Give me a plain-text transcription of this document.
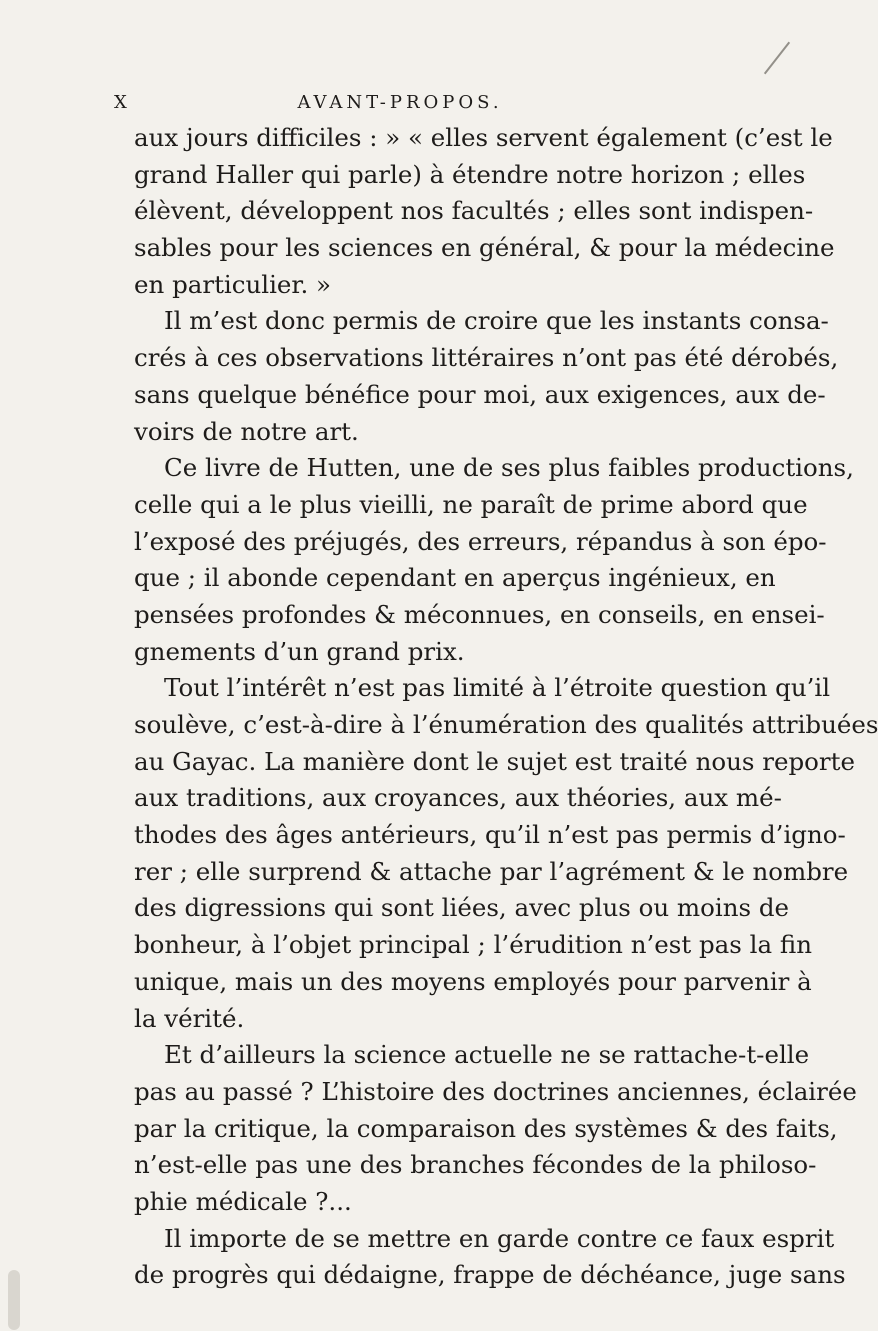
X	AVANT-PROPOS.
aux jours difficiles : » « elles servent également (c’est le
grand Haller qui parle) à étendre notre horizon ; elles
élèvent, développent nos facultés ; elles sont indispen-
sables pour les sciences en général, & pour la médecine
en particulier. »
Il m’est donc permis de croire que les instants consa-
crés à ces observations littéraires n’ont pas été dérobés,
sans quelque bénéfice pour moi, aux exigences, aux de-
voirs de notre art.
Ce livre de Hutten, une de ses plus faibles productions,
celle qui a le plus vieilli, ne paraît de prime abord que
l’exposé des préjugés, des erreurs, répandus à son épo-
que ; il abonde cependant en aperçus ingénieux, en
pensées profondes & méconnues, en conseils, en ensei-
gnements d’un grand prix.
Tout l’intérêt n’est pas limité à l’étroite question qu’il
soulève, c’est-à-dire à l’énumération des qualités attribuées
au Gayac. La manière dont le sujet est traité nous reporte
aux traditions, aux croyances, aux théories, aux mé-
thodes des âges antérieurs, qu’il n’est pas permis d’igno-
rer ; elle surprend & attache par l’agrément & le nombre
des digressions qui sont liées, avec plus ou moins de
bonheur, à l’objet principal ; l’érudition n’est pas la fin
unique, mais un des moyens employés pour parvenir à
la vérité.
Et d’ailleurs la science actuelle ne se rattache-t-elle
pas au passé ? L’histoire des doctrines anciennes, éclairée
par la critique, la comparaison des systèmes & des faits,
n’est-elle pas une des branches fécondes de la philoso-
phie médicale ?...
Il importe de se mettre en garde contre ce faux esprit
de progrès qui dédaigne, frappe de déchéance, juge sans
